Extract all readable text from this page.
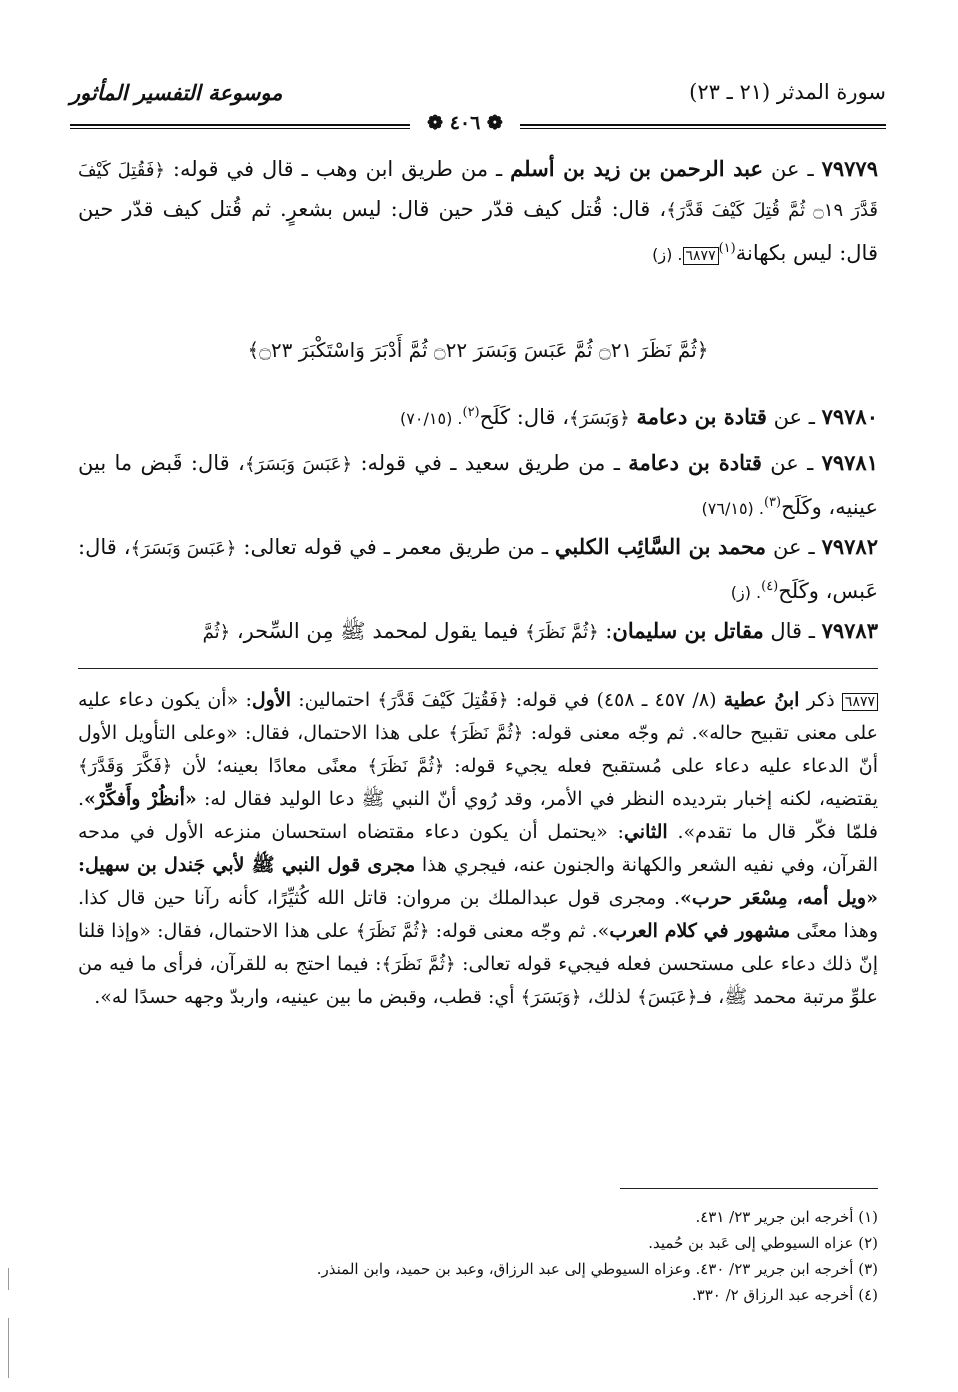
موسوعة التفسير المأثور	سورة المدثر (٢١ ـ ٢٣)
❁ ٤٠٦ ❁
٧٩٧٧٩ ـ عن عبد الرحمن بن زيد بن أسلم ـ من طريق ابن وهب ـ قال في قوله: ﴿فَقُتِلَ كَيْفَ قَدَّرَ ۝١٩ ثُمَّ قُتِلَ كَيْفَ قَدَّرَ﴾، قال: قُتل كيف قدّر حين قال: ليس بشعرٍ. ثم قُتل كيف قدّر حين قال: ليس بكهانة$^{(١)}$٦٨٧٧. (ز)
﴿ثُمَّ نَظَرَ ۝٢١ ثُمَّ عَبَسَ وَبَسَرَ ۝٢٢ ثُمَّ أَدْبَرَ وَاسْتَكْبَرَ ۝٢٣﴾
٧٩٧٨٠ ـ عن قتادة بن دعامة ﴿وَبَسَرَ﴾، قال: كَلَح$^{(٢)}$. (٧٠/١٥)
٧٩٧٨١ ـ عن قتادة بن دعامة ـ من طريق سعيد ـ في قوله: ﴿عَبَسَ وَبَسَرَ﴾، قال: قَبض ما بين عينيه، وكَلَح$^{(٣)}$. (٧٦/١٥)
٧٩٧٨٢ ـ عن محمد بن السَّائِب الكلبي ـ من طريق معمر ـ في قوله تعالى: ﴿عَبَسَ وَبَسَرَ﴾، قال: عَبس، وكَلَح$^{(٤)}$. (ز)
٧٩٧٨٣ ـ قال مقاتل بن سليمان: ﴿ثُمَّ نَظَرَ﴾ فيما يقول لمحمد ﷺ مِن السِّحر، ﴿ثُمَّ
٦٨٧٧ ذكر ابنُ عطية (٨/ ٤٥٧ ـ ٤٥٨) في قوله: ﴿فَقُتِلَ كَيْفَ قَدَّرَ﴾ احتمالين: الأول: «أن يكون دعاء عليه على معنى تقبيح حاله». ثم وجّه معنى قوله: ﴿ثُمَّ نَظَرَ﴾ على هذا الاحتمال، فقال: «وعلى التأويل الأول أنّ الدعاء عليه دعاء على مُستقبح فعله يجيء قوله: ﴿ثُمَّ نَظَرَ﴾ معنًى معادًا بعينه؛ لأن ﴿فَكَّرَ وَقَدَّرَ﴾ يقتضيه، لكنه إخبار بترديده النظر في الأمر، وقد رُوي أنّ النبي ﷺ دعا الوليد فقال له: «أنظُرْ وأَفكِّرْ». فلمّا فكّر قال ما تقدم». الثاني: «يحتمل أن يكون دعاء مقتضاه استحسان منزعه الأول في مدحه القرآن، وفي نفيه الشعر والكهانة والجنون عنه، فيجري هذا مجرى قول النبي ﷺ لأبي جَندل بن سهيل: «ويل أمه، مِسْعَر حرب». ومجرى قول عبدالملك بن مروان: قاتل الله كُثيِّرًا، كأنه رآنا حين قال كذا. وهذا معنًى مشهور في كلام العرب». ثم وجّه معنى قوله: ﴿ثُمَّ نَظَرَ﴾ على هذا الاحتمال، فقال: «وإذا قلنا إنّ ذلك دعاء على مستحسن فعله فيجيء قوله تعالى: ﴿ثُمَّ نَظَرَ﴾: فيما احتج به للقرآن، فرأى ما فيه من علوِّ مرتبة محمد ﷺ، فـ﴿عَبَسَ﴾ لذلك، ﴿وَبَسَرَ﴾ أي: قطب، وقبض ما بين عينيه، واربدّ وجهه حسدًا له».

(١) أخرجه ابن جرير ٢٣/ ٤٣١.

(٢) عزاه السيوطي إلى عَبد بن حُميد.

(٣) أخرجه ابن جرير ٢٣/ ٤٣٠. وعزاه السيوطي إلى عبد الرزاق، وعبد بن حميد، وابن المنذر.

(٤) أخرجه عبد الرزاق ٢/ ٣٣٠.
